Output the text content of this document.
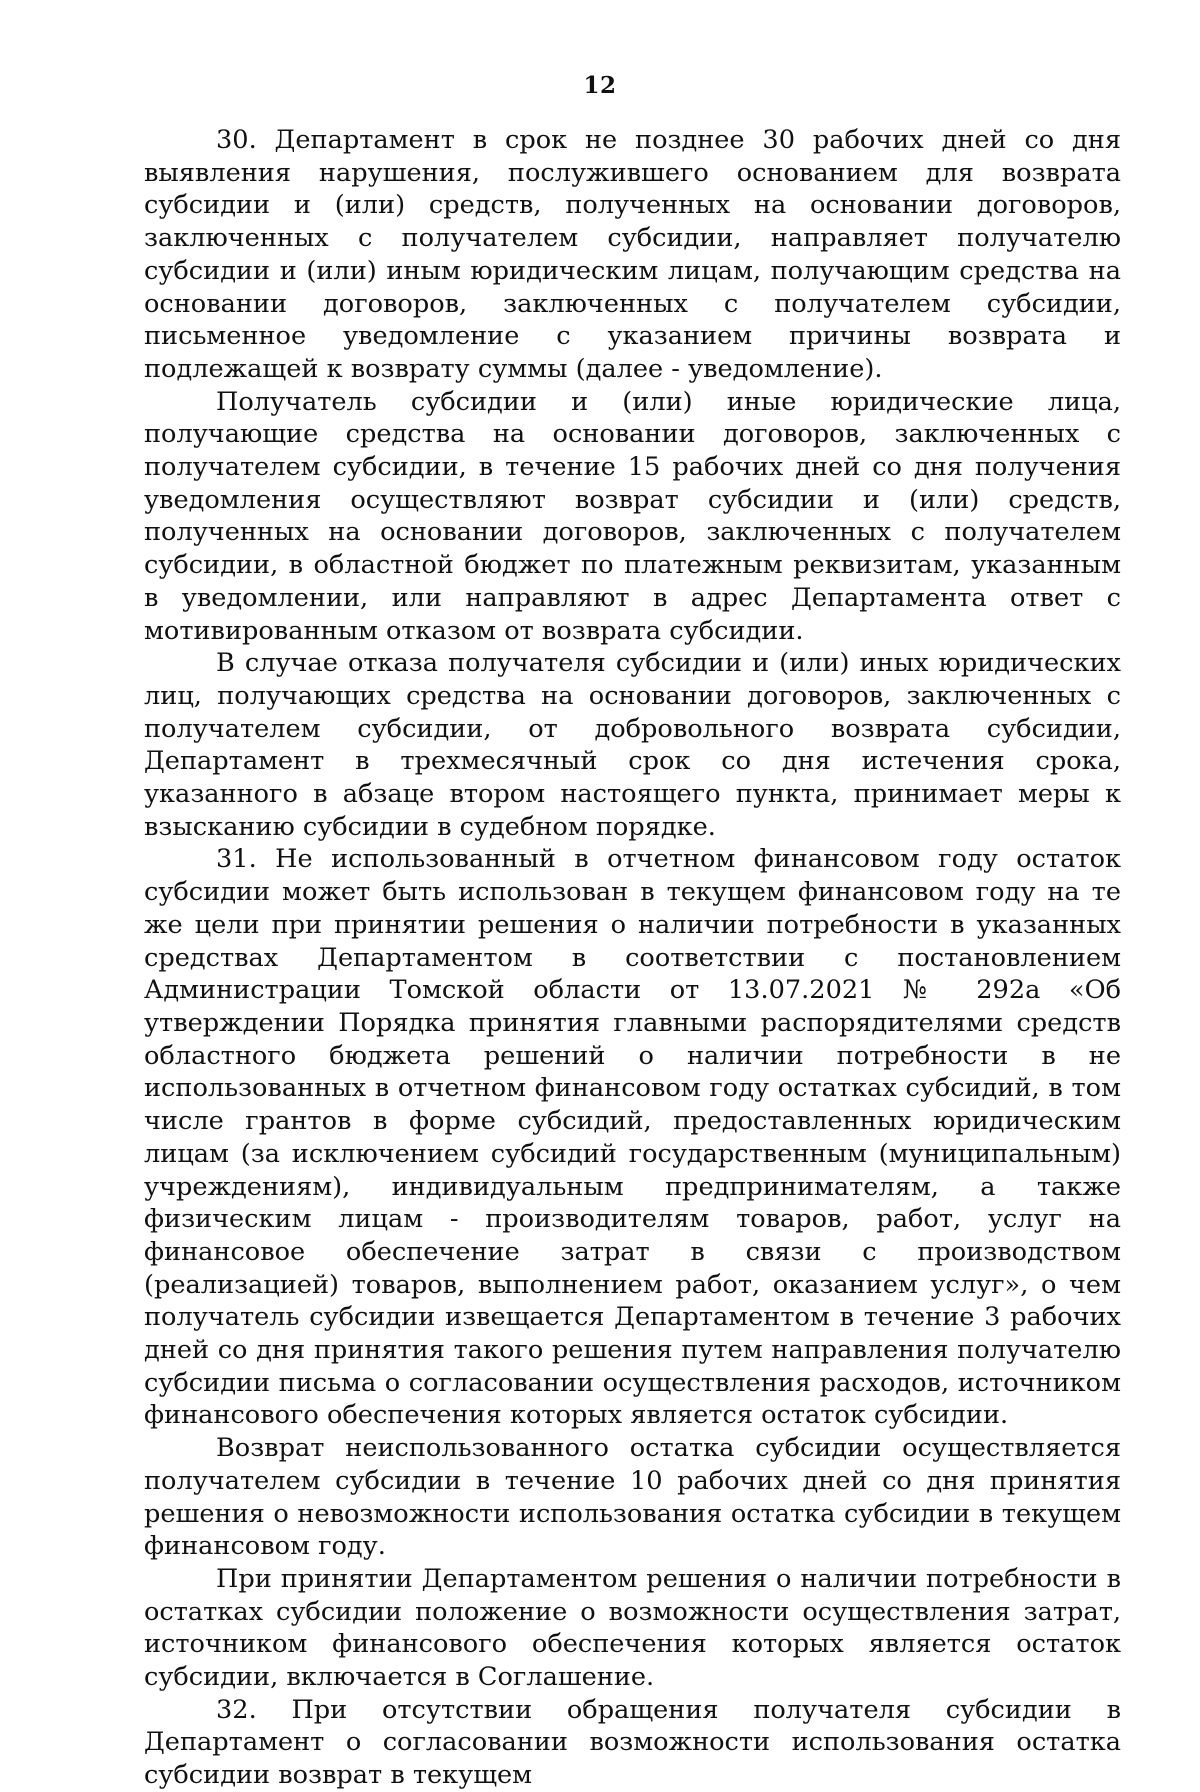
12

30. Департамент в срок не позднее 30 рабочих дней со дня выявления нарушения, послужившего основанием для возврата субсидии и (или) средств, полученных на основании договоров, заключенных с получателем субсидии, направляет получателю субсидии и (или) иным юридическим лицам, получающим средства на основании договоров, заключенных с получателем субсидии, письменное уведомление с указанием причины возврата и подлежащей к возврату суммы (далее - уведомление).

Получатель субсидии и (или) иные юридические лица, получающие средства на основании договоров, заключенных с получателем субсидии, в течение 15 рабочих дней со дня получения уведомления осуществляют возврат субсидии и (или) средств, полученных на основании договоров, заключенных с получателем субсидии, в областной бюджет по платежным реквизитам, указанным в уведомлении, или направляют в адрес Департамента ответ с мотивированным отказом от возврата субсидии.

В случае отказа получателя субсидии и (или) иных юридических лиц, получающих средства на основании договоров, заключенных с получателем субсидии, от добровольного возврата субсидии, Департамент в трехмесячный срок со дня истечения срока, указанного в абзаце втором настоящего пункта, принимает меры к взысканию субсидии в судебном порядке.

31. Не использованный в отчетном финансовом году остаток субсидии может быть использован в текущем финансовом году на те же цели при принятии решения о наличии потребности в указанных средствах Департаментом в соответствии с постановлением Администрации Томской области от 13.07.2021 № 292а «Об утверждении Порядка принятия главными распорядителями средств областного бюджета решений о наличии потребности в не использованных в отчетном финансовом году остатках субсидий, в том числе грантов в форме субсидий, предоставленных юридическим лицам (за исключением субсидий государственным (муниципальным) учреждениям), индивидуальным предпринимателям, а также физическим лицам - производителям товаров, работ, услуг на финансовое обеспечение затрат в связи с производством (реализацией) товаров, выполнением работ, оказанием услуг», о чем получатель субсидии извещается Департаментом в течение 3 рабочих дней со дня принятия такого решения путем направления получателю субсидии письма о согласовании осуществления расходов, источником финансового обеспечения которых является остаток субсидии.

Возврат неиспользованного остатка субсидии осуществляется получателем субсидии в течение 10 рабочих дней со дня принятия решения о невозможности использования остатка субсидии в текущем финансовом году.

При принятии Департаментом решения о наличии потребности в остатках субсидии положение о возможности осуществления затрат, источником финансового обеспечения которых является остаток субсидии, включается в Соглашение.

32. При отсутствии обращения получателя субсидии в Департамент о согласовании возможности использования остатка субсидии возврат в текущем
